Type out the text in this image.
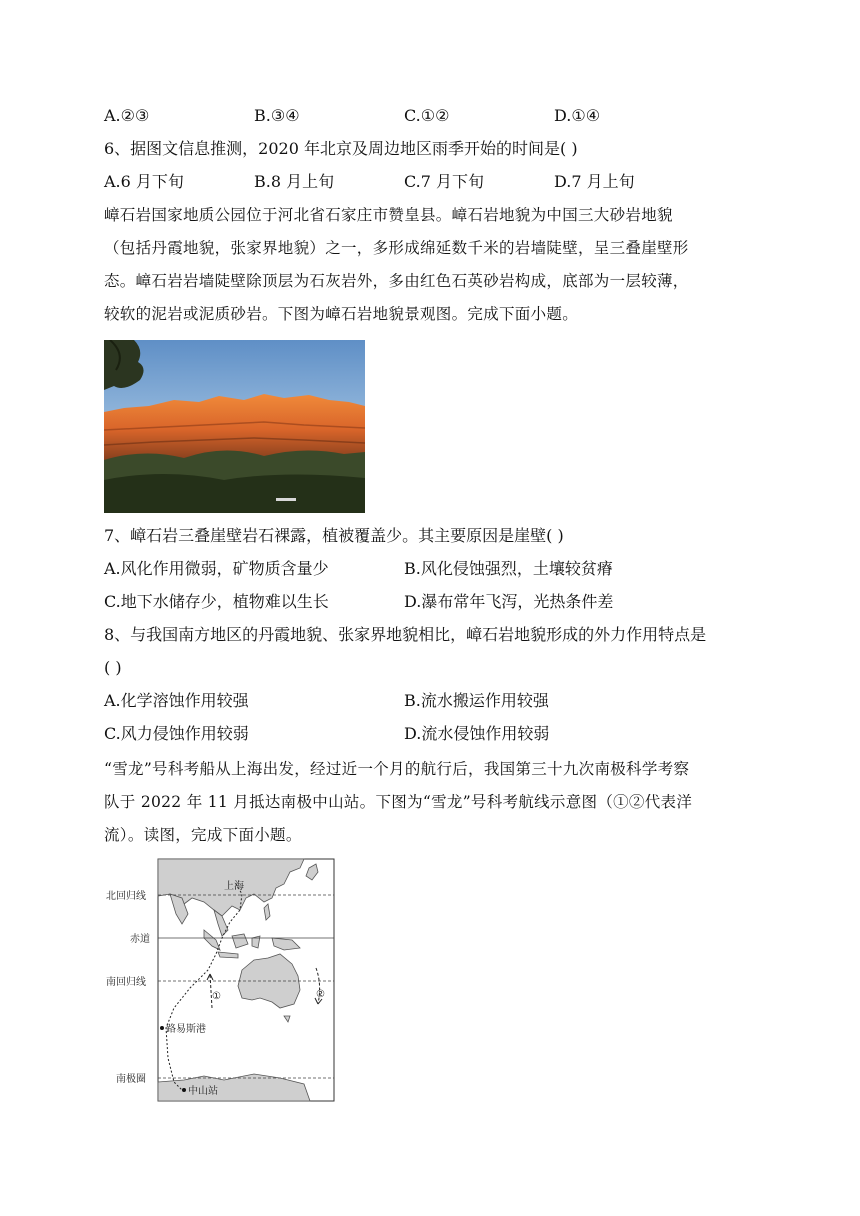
A.②③	B.③④	C.①②	D.①④
6、据图文信息推测，2020 年北京及周边地区雨季开始的时间是( )
A.6 月下旬	B.8 月上旬	C.7 月下旬	D.7 月上旬

嶂石岩国家地质公园位于河北省石家庄市赞皇县。嶂石岩地貌为中国三大砂岩地貌

（包括丹霞地貌，张家界地貌）之一，多形成绵延数千米的岩墙陡壁，呈三叠崖壁形

态。嶂石岩岩墙陡壁除顶层为石灰岩外，多由红色石英砂岩构成，底部为一层较薄，

较软的泥岩或泥质砂岩。下图为嶂石岩地貌景观图。完成下面小题。

7、嶂石岩三叠崖壁岩石裸露，植被覆盖少。其主要原因是崖壁( )
A.风化作用微弱，矿物质含量少	B.风化侵蚀强烈，土壤较贫瘠
C.地下水储存少，植物难以生长	D.瀑布常年飞泻，光热条件差
8、与我国南方地区的丹霞地貌、张家界地貌相比，嶂石岩地貌形成的外力作用特点是
( )
A.化学溶蚀作用较强	B.流水搬运作用较强
C.风力侵蚀作用较弱	D.流水侵蚀作用较弱

“雪龙”号科考船从上海出发，经过近一个月的航行后，我国第三十九次南极科学考察

队于 2022 年 11 月抵达南极中山站。下图为“雪龙”号科考航线示意图（①②代表洋

流）。读图，完成下面小题。

北回归线
赤道
南回归线
南极圈
上海
路易斯港
中山站
①	②
